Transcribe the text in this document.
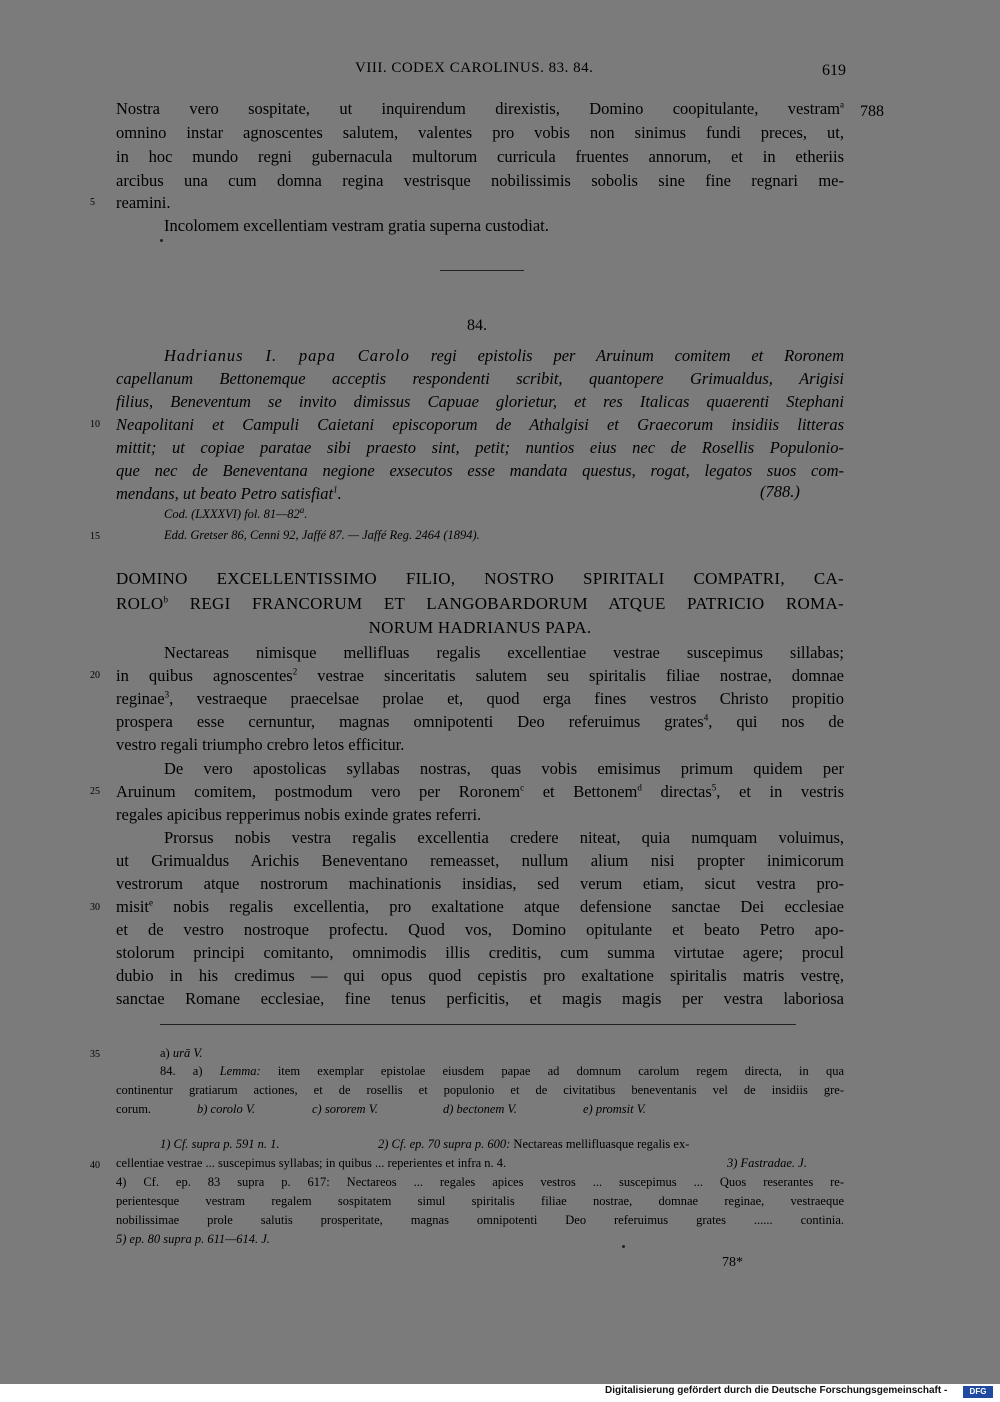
VIII. CODEX CAROLINUS. 83. 84.	619
Nostra vero sospitate, ut inquirendum direxistis, Domino coopitulante, vestram$^a$ 788
omnino instar agnoscentes salutem, valentes pro vobis non sinimus fundi preces, ut,
in hoc mundo regni gubernacula multorum curricula fruentes annorum, et in etheriis
arcibus una cum domna regina vestrisque nobilissimis sobolis sine fine regnari me-
5 reamini.
Incolomem excellentiam vestram gratia superna custodiat.
84.
Hadrianus I. papa Carolo regi epistolis per Aruinum comitem et Roronem
capellanum Bettonemque acceptis respondenti scribit, quantopere Grimualdus, Arigisi
filius, Beneventum se invito dimissus Capuae glorietur, et res Italicas quaerenti Stephani
10 Neapolitani et Campuli Caietani episcoporum de Athalgisi et Graecorum insidiis litteras
mittit; ut copiae paratae sibi praesto sint, petit; nuntios eius nec de Rosellis Populonio-
que nec de Beneventana negione exsecutos esse mandata questus, rogat, legatos suos com-
mendans, ut beato Petro satisfiat$^1$.	(788.)
Cod. (LXXXVI) fol. 81—82$^a$.
15	Edd. Gretser 86, Cenni 92, Jaffé 87. — Jaffé Reg. 2464 (1894).
DOMINO EXCELLENTISSIMO FILIO, NOSTRO SPIRITALI COMPATRI, CA-
ROLO$^b$ REGI FRANCORUM ET LANGOBARDORUM ATQUE PATRICIO ROMA-
NORUM HADRIANUS PAPA.
Nectareas nimisque mellifluas regalis excellentiae vestrae suscepimus sillabas;
20 in quibus agnoscentes$^2$ vestrae sinceritatis salutem seu spiritalis filiae nostrae, domnae
reginae$^3$, vestraeque praecelsae prolae et, quod erga fines vestros Christo propitio
prospera esse cernuntur, magnas omnipotenti Deo referuimus grates$^4$, qui nos de
vestro regali triumpho crebro letos efficitur.
De vero apostolicas syllabas nostras, quas vobis emisimus primum quidem per
25 Aruinum comitem, postmodum vero per Roronem$^c$ et Bettonem$^d$ directas$^5$, et in vestris
regales apicibus repperimus nobis exinde grates referri.
Prorsus nobis vestra regalis excellentia credere niteat, quia numquam voluimus,
ut Grimualdus Arichis Beneventano remeasset, nullum alium nisi propter inimicorum
vestrorum atque nostrorum machinationis insidias, sed verum etiam, sicut vestra pro-
30 misit$^e$ nobis regalis excellentia, pro exaltatione atque defensione sanctae Dei ecclesiae
et de vestro nostroque profectu. Quod vos, Domino opitulante et beato Petro apo-
stolorum principi comitanto, omnimodis illis creditis, cum summa virtutae agere; procul
dubio in his credimus — qui opus quod cepistis pro exaltatione spiritalis matris vestrę,
sanctae Romane ecclesiae, fine tenus perficitis, et magis magis per vestra laboriosa
35	a) urā V.
84. a) Lemma: item exemplar epistolae eiusdem papae ad domnum carolum regem directa, in qua
continentur gratiarum actiones, et de rosellis et populonio et de civitatibus beneventanis vel de insidiis gre-
corum.	b) corolo V.	c) sororem V.	d) bectonem V.	e) promsit V.
1) Cf. supra p. 591 n. 1.	2) Cf. ep. 70 supra p. 600: Nectareas mellifluasque regalis ex-
40 cellentiae vestrae ... suscepimus syllabas; in quibus ... reperientes et infra n. 4.	3) Fastradae. J.
4) Cf. ep. 83 supra p. 617: Nectareos ... regales apices vestros ... suscepimus ... Quos reserantes re-
perientesque vestram regalem sospitatem simul spiritalis filiae nostrae, domnae reginae, vestraeque
nobilissimae prole salutis prosperitate, magnas omnipotenti Deo referuimus grates ...... continia.
5) ep. 80 supra p. 611—614. J.
78*
Digitalisierung gefördert durch die Deutsche Forschungsgemeinschaft -	DFG
